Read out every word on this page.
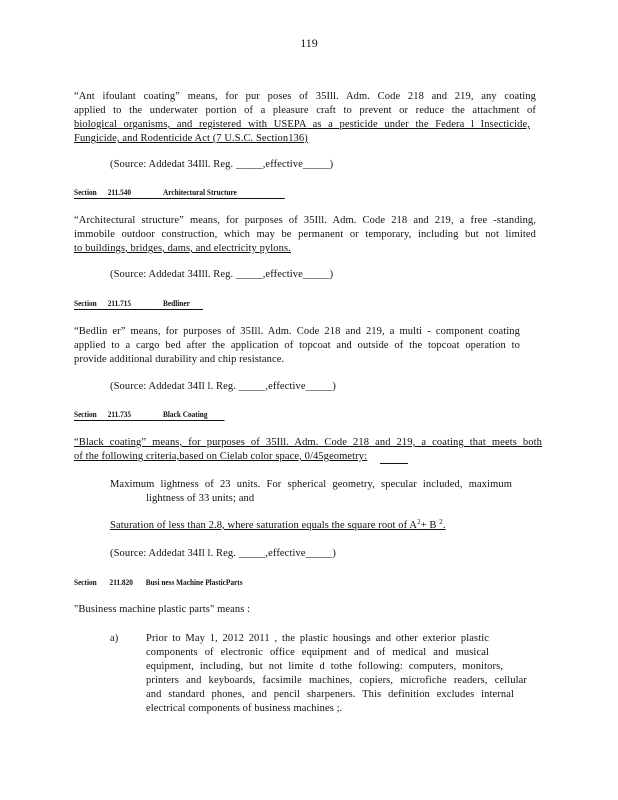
119
“Ant ifoulant coating” means, for pur poses of 35Ill. Adm. Code 218 and 219, any coating
applied to the underwater portion of a pleasure craft to prevent or reduce the attachment of
biological organisms, and registered with USEPA as a pesticide under the Federa l Insecticide,
Fungicide, and Rodenticide Act (7 U.S.C. Section136)
(Source: Addedat 34Ill. Reg. _____,effective_____)
Section 211.540	Architectural Structure
“Architectural structure” means, for purposes of 35Ill. Adm. Code 218 and 219, a free -standing,
immobile outdoor construction, which may be permanent or temporary, including but not limited
to buildings, bridges, dams, and electricity pylons.
(Source: Addedat 34Ill. Reg. _____,effective_____)
Section 211.715	Bedliner
“Bedlin er” means, for purposes of 35Ill. Adm. Code 218 and 219, a multi - component coating
applied to a cargo bed after the application of topcoat and outside of the topcoat operation to
provide additional durability and chip resistance.
(Source: Addedat 34Il l. Reg. _____,effective_____)
Section 211.735	Black Coating
“Black coating” means, for purposes of 35Ill. Adm. Code 218 and 219, a coating that meets both
of the following criteria,based on Cielab color space, 0/45geometry:
Maximum lightness of 23 units. For spherical geometry, specular included, maximum
lightness of 33 units; and
Saturation of less than 2.8, where saturation equals the square root of $A^2+ B$ $^2$.
(Source: Addedat 34Il l. Reg. _____,effective_____)
Section 211.820 Busi ness Machine PlasticParts
"Business machine plastic parts" means :
a)	Prior to May 1, 2012 2011 , the plastic housings and other exterior plastic
components of electronic office equipment and of medical and musical
equipment, including, but not limite d tothe following: computers, monitors,
printers and keyboards, facsimile machines, copiers, microfiche readers, cellular
and standard phones, and pencil sharpeners. This definition excludes internal
electrical components of business machines ;.
